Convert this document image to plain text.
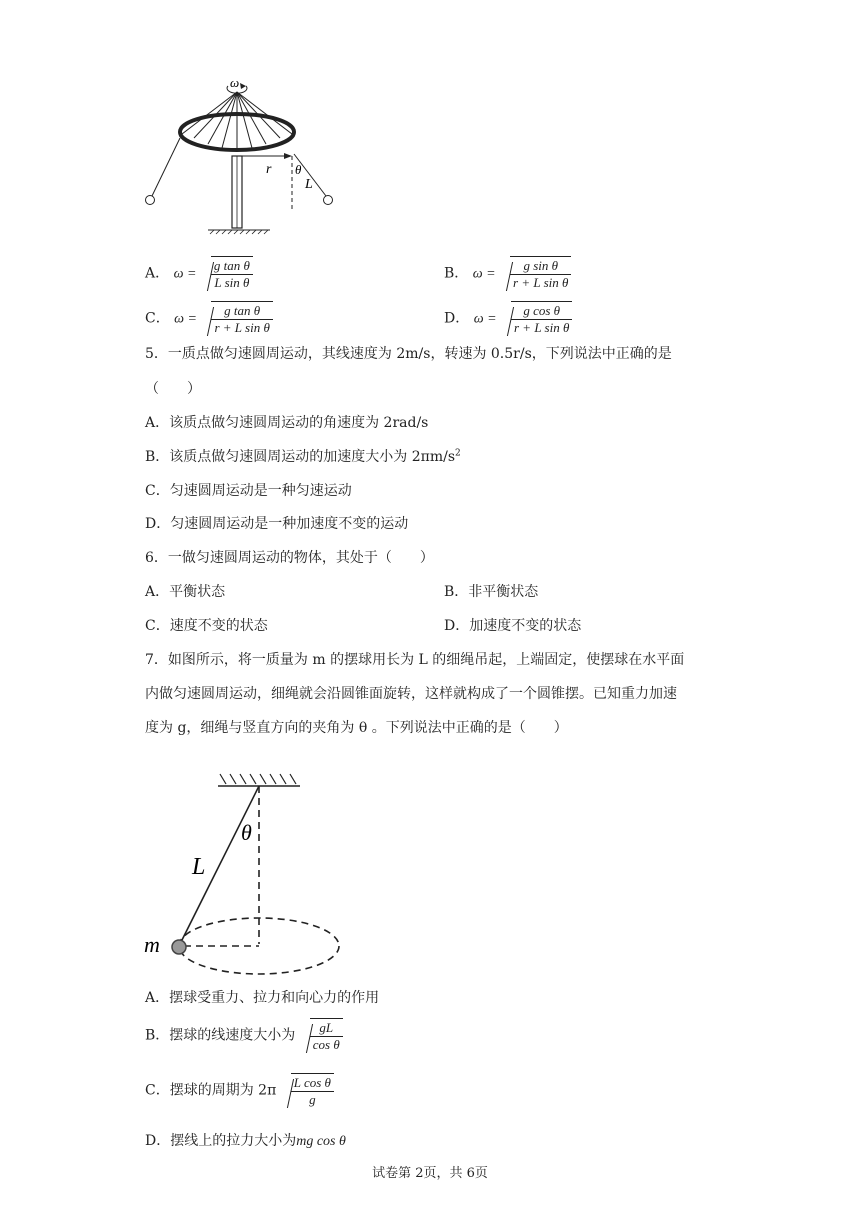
ω
r θ
L
A． $\omega = \frac{\text{g tan θ}}{\text{L sin θ}}$	B． $\omega = \frac{\text{g sin θ}}{\text{r + L sin θ}}$
C． $\omega = \frac{\text{g tan θ}}{\text{r + L sin θ}}$	D． $\omega = \frac{\text{g cos θ}}{\text{r + L sin θ}}$
5．一质点做匀速圆周运动，其线速度为 2m/s，转速为 0.5r/s，下列说法中正确的是
（　　）
A．该质点做匀速圆周运动的角速度为 2rad/s
B．该质点做匀速圆周运动的加速度大小为 $2\pi m/s^2$
C．匀速圆周运动是一种匀速运动
D．匀速圆周运动是一种加速度不变的运动
6．一做匀速圆周运动的物体，其处于（　　）
A．平衡状态	B．非平衡状态
C．速度不变的状态	D．加速度不变的状态
7．如图所示，将一质量为 m 的摆球用长为 L 的细绳吊起，上端固定，使摆球在水平面
内做匀速圆周运动，细绳就会沿圆锥面旋转，这样就构成了一个圆锥摆。已知重力加速
度为 g，细绳与竖直方向的夹角为 θ 。下列说法中正确的是（　　）
θ
L
m
A．摆球受重力、拉力和向心力的作用
B．摆球的线速度大小为 $\frac{gL}{\text{cos θ}}$
C．摆球的周期为 $2\pi \frac{\text{L cos θ}}{g}$
D．摆线上的拉力大小为mg cos θ
试卷第 2页，共 6页
